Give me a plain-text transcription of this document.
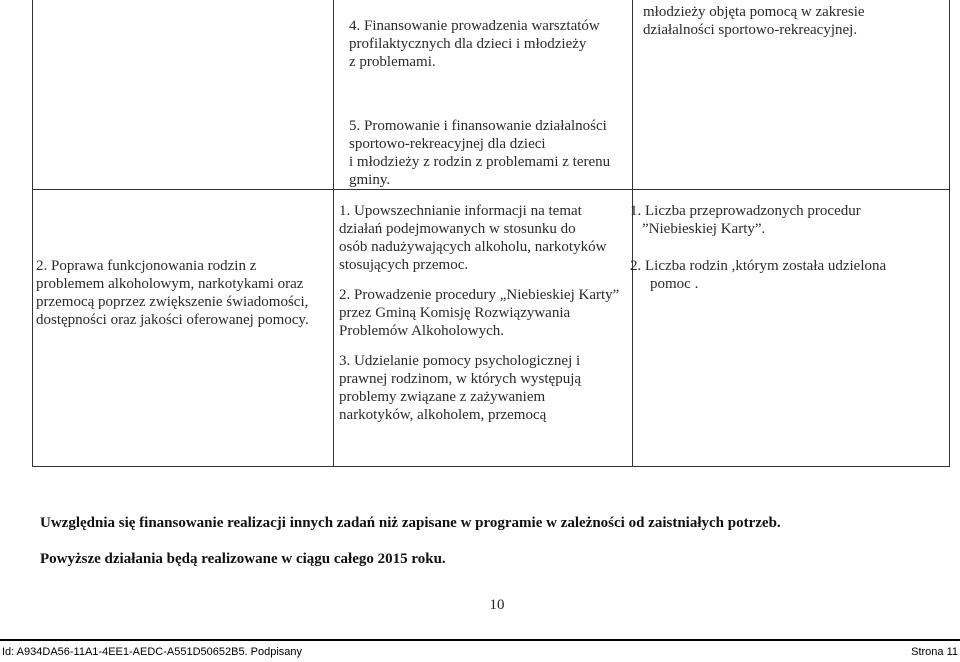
4. Finansowanie prowadzenia warsztatów
profilaktycznych dla dzieci i młodzieży
z problemami.
5. Promowanie i finansowanie działalności
sportowo-rekreacyjnej dla dzieci
i młodzieży z rodzin z problemami z terenu
gminy.
młodzieży objęta pomocą w zakresie
działalności sportowo-rekreacyjnej.
2. Poprawa funkcjonowania rodzin z
problemem alkoholowym, narkotykami oraz
przemocą poprzez zwiększenie świadomości,
dostępności oraz jakości oferowanej pomocy.
1. Upowszechnianie informacji na temat
działań podejmowanych w stosunku do
osób nadużywających alkoholu, narkotyków
stosujących przemoc.
2. Prowadzenie procedury „Niebieskiej Karty”
przez Gminą Komisję Rozwiązywania
Problemów Alkoholowych.
3. Udzielanie pomocy psychologicznej i
prawnej rodzinom, w których występują
problemy związane z zażywaniem
narkotyków, alkoholem, przemocą
1. Liczba przeprowadzonych procedur
”Niebieskiej Karty”.
2. Liczba rodzin ,którym została udzielona
pomoc .
Uwzględnia się finansowanie realizacji innych zadań niż zapisane w programie w zależności od zaistniałych potrzeb.
Powyższe działania będą realizowane w ciągu całego 2015 roku.
10
Id: A934DA56-11A1-4EE1-AEDC-A551D50652B5. Podpisany	Strona 11
